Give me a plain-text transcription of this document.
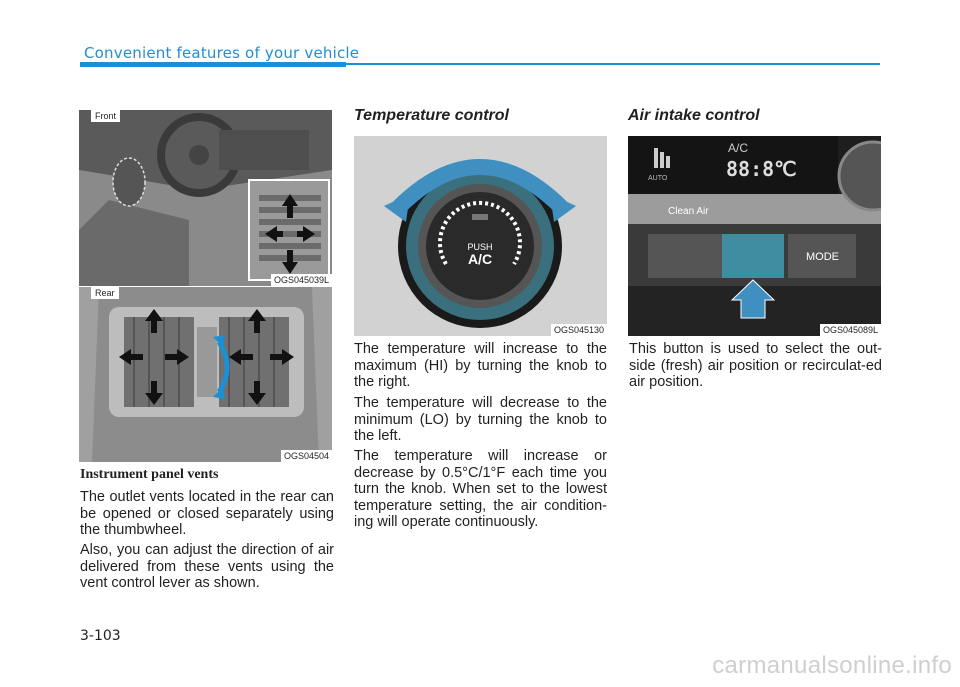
Convenient features of your vehicle
Front
OGS045039L
Rear
OGS04504
Instrument panel vents
The outlet vents located in the rear can be opened or closed separately using the thumbwheel.
Also, you can adjust the direction of air delivered from these vents using the vent control lever as shown.
Temperature control
PUSH
A/C
OGS045130
The temperature will increase to the maximum (HI) by turning the knob to the right.
The temperature will decrease to the minimum (LO) by turning the knob to the left.
The temperature will increase or decrease by 0.5°C/1°F each time you turn the knob. When set to the lowest temperature setting, the air condition-ing will operate continuously.
Air intake control
AUTO
A/C
88:8℃
Clean Air
MODE
OGS045089L
This button is used to select the out-side (fresh) air position or recirculat-ed air position.
3-103
carmanualsonline.info
